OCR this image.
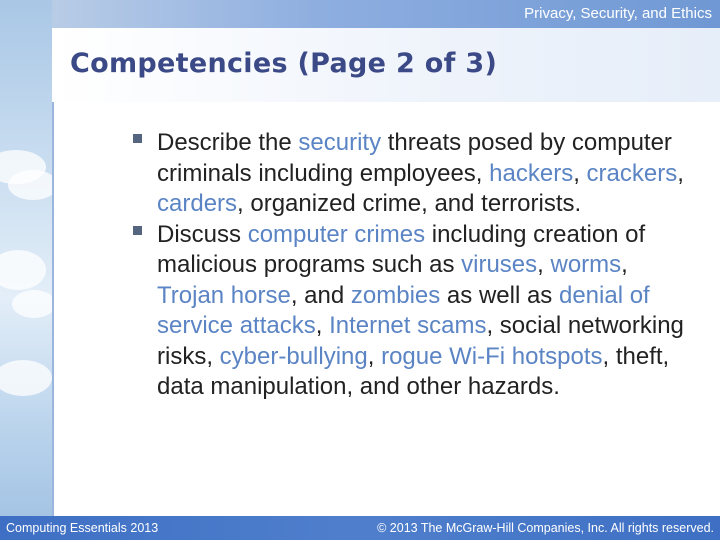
Privacy, Security, and Ethics
Competencies (Page 2 of 3)

Describe the security threats posed by computer criminals including employees, hackers, crackers, carders, organized crime, and terrorists.

Discuss computer crimes including creation of malicious programs such as viruses, worms, Trojan horse, and zombies as well as denial of service attacks, Internet scams, social networking risks, cyber-bullying, rogue Wi-Fi hotspots, theft, data manipulation, and other hazards.

Computing Essentials 2013	© 2013 The McGraw-Hill Companies, Inc. All rights reserved.
